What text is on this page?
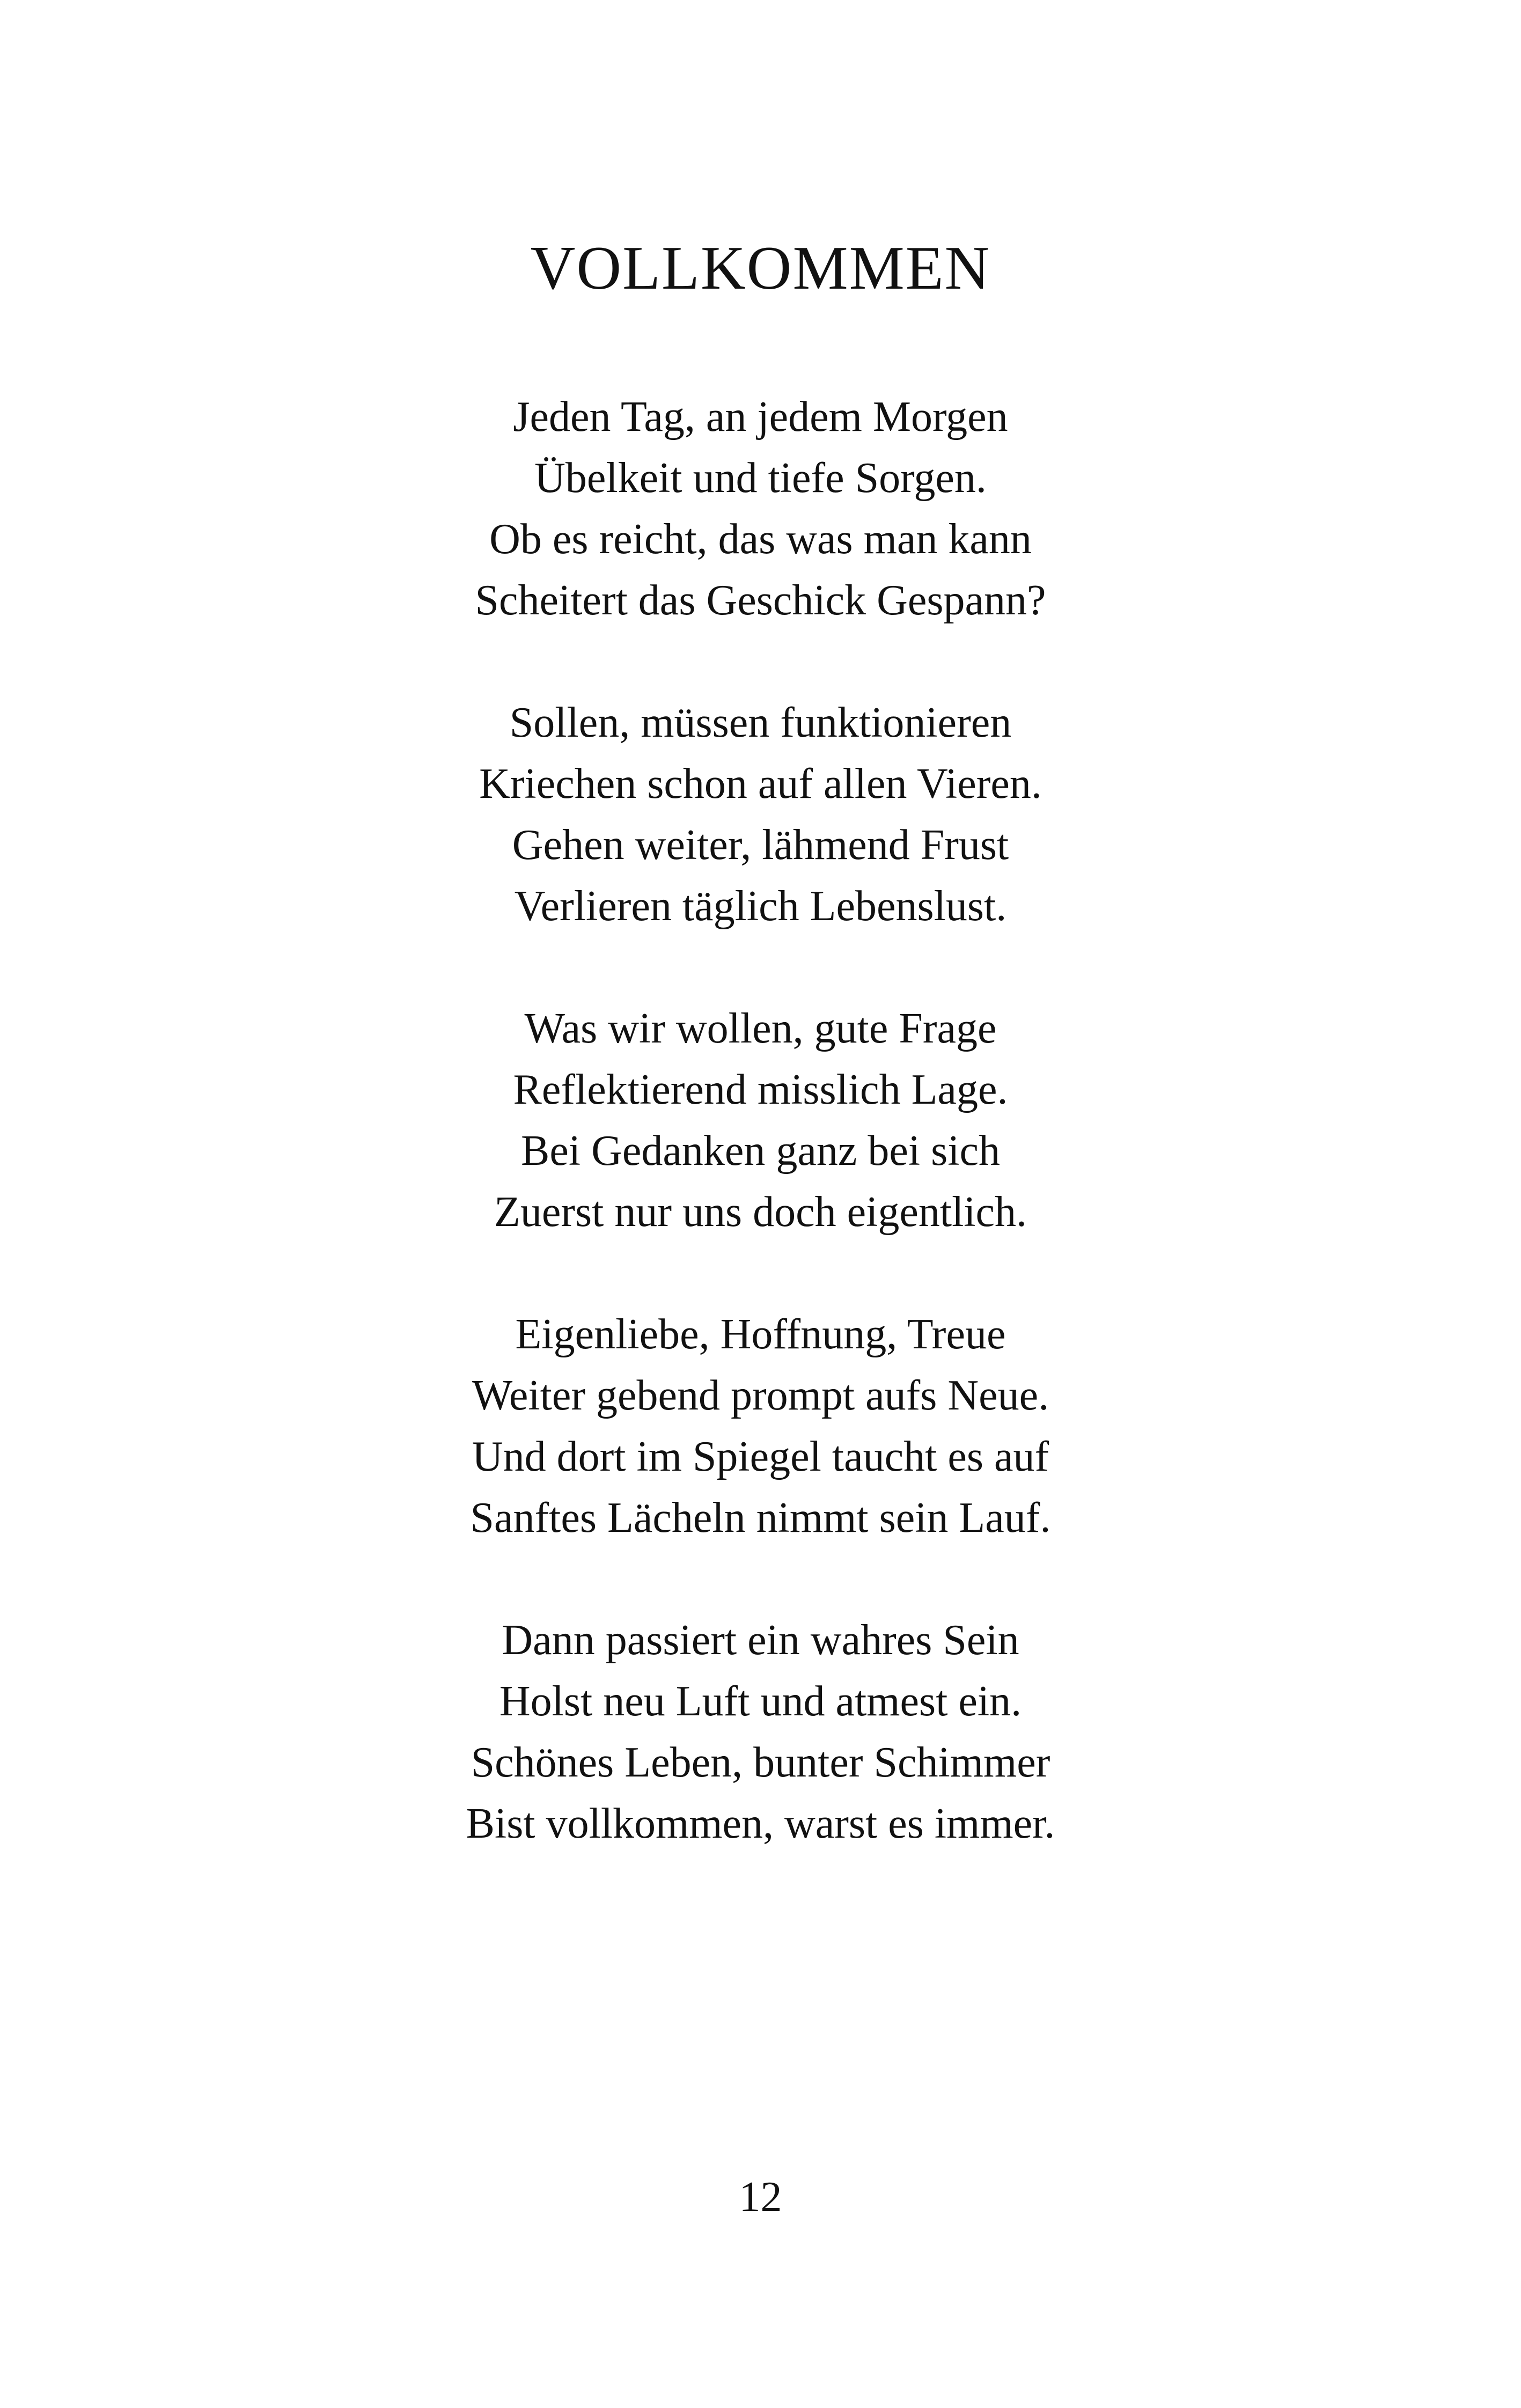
VOLLKOMMEN
Jeden Tag, an jedem Morgen
Übelkeit und tiefe Sorgen.
Ob es reicht, das was man kann
Scheitert das Geschick Gespann?
Sollen, müssen funktionieren
Kriechen schon auf allen Vieren.
Gehen weiter, lähmend Frust
Verlieren täglich Lebenslust.
Was wir wollen, gute Frage
Reflektierend misslich Lage.
Bei Gedanken ganz bei sich
Zuerst nur uns doch eigentlich.
Eigenliebe, Hoffnung, Treue
Weiter gebend prompt aufs Neue.
Und dort im Spiegel taucht es auf
Sanftes Lächeln nimmt sein Lauf.
Dann passiert ein wahres Sein
Holst neu Luft und atmest ein.
Schönes Leben, bunter Schimmer
Bist vollkommen, warst es immer.
12
